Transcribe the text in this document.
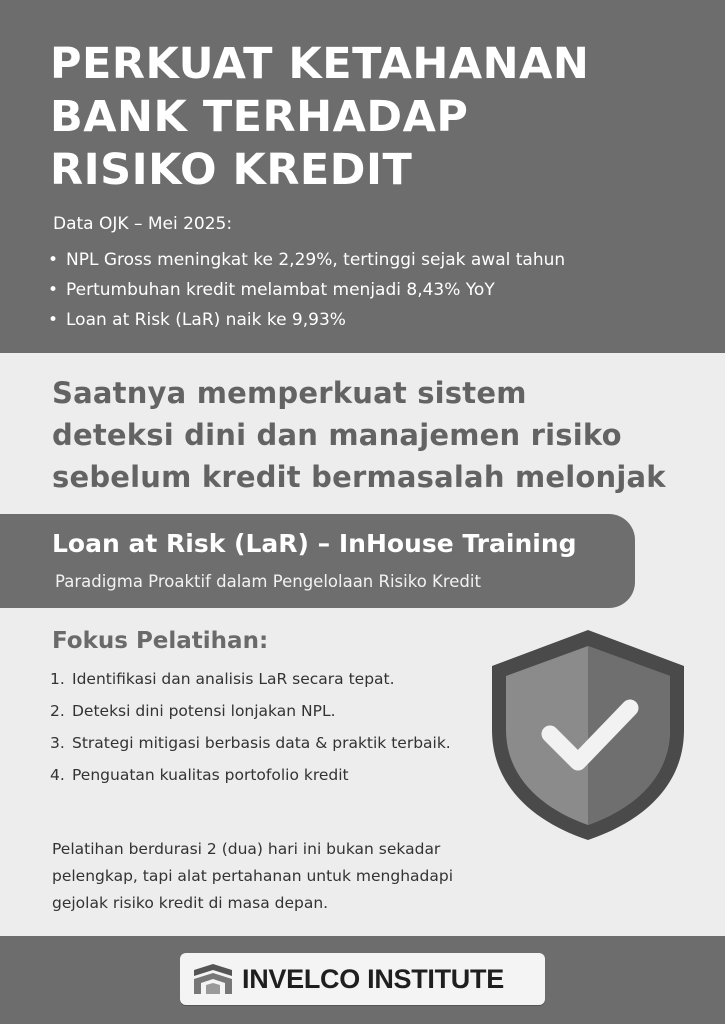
PERKUAT KETAHANAN
BANK TERHADAP
RISIKO KREDIT
Data OJK – Mei 2025:
• NPL Gross meningkat ke 2,29%, tertinggi sejak awal tahun
• Pertumbuhan kredit melambat menjadi 8,43% YoY
• Loan at Risk (LaR) naik ke 9,93%
Saatnya memperkuat sistem
deteksi dini dan manajemen risiko
sebelum kredit bermasalah melonjak
Loan at Risk (LaR) – InHouse Training
Paradigma Proaktif dalam Pengelolaan Risiko Kredit
Fokus Pelatihan:
1. Identifikasi dan analisis LaR secara tepat.
2. Deteksi dini potensi lonjakan NPL.
3. Strategi mitigasi berbasis data & praktik terbaik.
4. Penguatan kualitas portofolio kredit

Pelatihan berdurasi 2 (dua) hari ini bukan sekadar
pelengkap, tapi alat pertahanan untuk menghadapi
gejolak risiko kredit di masa depan.

INVELCO INSTITUTE
